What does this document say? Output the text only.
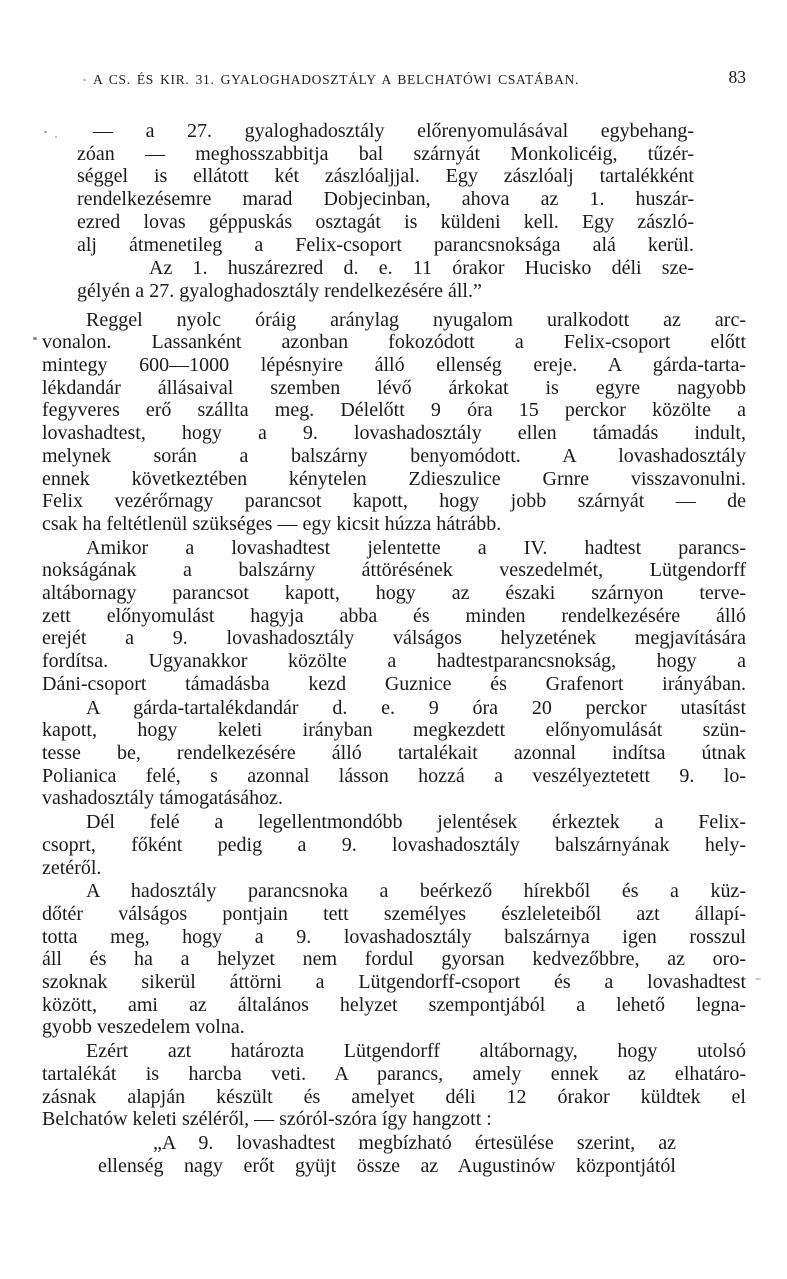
A CS. ÉS KIR. 31. GYALOGHADOSZTÁLY A BELCHATÓWI CSATÁBAN.	83
— a 27. gyaloghadosztály előrenyomulásával egybehang-
zóan — meghosszabbitja bal szárnyát Monkolicéig, tűzér-
séggel is ellátott két zászlóaljjal. Egy zászlóalj tartalékként
rendelkezésemre marad Dobjecinban, ahova az 1. huszár-
ezred lovas géppuskás osztagát is küldeni kell. Egy zászló-
alj átmenetileg a Felix-csoport parancsnoksága alá kerül.
Az 1. huszárezred d. e. 11 órakor Hucisko déli sze-
gélyén a 27. gyaloghadosztály rendelkezésére áll.”
Reggel nyolc óráig aránylag nyugalom uralkodott az arc-
vonalon. Lassanként azonban fokozódott a Felix-csoport előtt
mintegy 600—1000 lépésnyire álló ellenség ereje. A gárda-tarta-
lékdandár állásaival szemben lévő árkokat is egyre nagyobb
fegyveres erő szállta meg. Délelőtt 9 óra 15 perckor közölte a
lovashadtest, hogy a 9. lovashadosztály ellen támadás indult,
melynek során a balszárny benyomódott. A lovashadosztály
ennek következtében kénytelen Zdieszulice Grnre visszavonulni.
Felix vezérőrnagy parancsot kapott, hogy jobb szárnyát — de
csak ha feltétlenül szükséges — egy kicsit húzza hátrább.
Amikor a lovashadtest jelentette a IV. hadtest parancs-
nokságának a balszárny áttörésének veszedelmét, Lütgendorff
altábornagy parancsot kapott, hogy az északi szárnyon terve-
zett előnyomulást hagyja abba és minden rendelkezésére álló
erejét a 9. lovashadosztály válságos helyzetének megjavítására
fordítsa. Ugyanakkor közölte a hadtestparancsnokság, hogy a
Dáni-csoport támadásba kezd Guznice és Grafenort irányában.
A gárda-tartalékdandár d. e. 9 óra 20 perckor utasítást
kapott, hogy keleti irányban megkezdett előnyomulását szün-
tesse be, rendelkezésére álló tartalékait azonnal indítsa útnak
Polianica felé, s azonnal lásson hozzá a veszélyeztetett 9. lo-
vashadosztály támogatásához.
Dél felé a legellentmondóbb jelentések érkeztek a Felix-
csoprt, főként pedig a 9. lovashadosztály balszárnyának hely-
zetéről.
A hadosztály parancsnoka a beérkező hírekből és a küz-
dőtér válságos pontjain tett személyes észleleteiből azt állapí-
totta meg, hogy a 9. lovashadosztály balszárnya igen rosszul
áll és ha a helyzet nem fordul gyorsan kedvezőbbre, az oro-
szoknak sikerül áttörni a Lütgendorff-csoport és a lovashadtest
között, ami az általános helyzet szempontjából a lehető legna-
gyobb veszedelem volna.
Ezért azt határozta Lütgendorff altábornagy, hogy utolsó
tartalékát is harcba veti. A parancs, amely ennek az elhatáro-
zásnak alapján készült és amelyet déli 12 órakor küldtek el
Belchatów keleti széléről, — szóról-szóra így hangzott :
„A 9. lovashadtest megbízható értesülése szerint, az
ellenség nagy erőt gyüjt össze az Augustinów központjától
